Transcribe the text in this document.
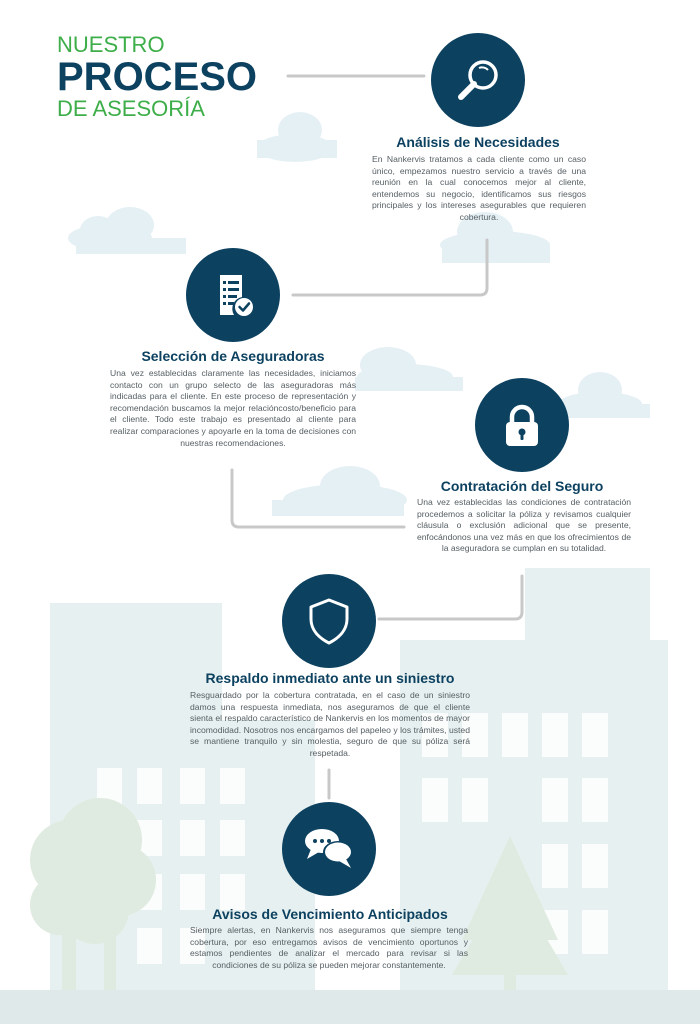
NUESTRO
PROCESO
DE ASESORÍA
Análisis de Necesidades
En Nankervis tratamos a cada cliente como un caso único, empezamos nuestro servicio a través de una reunión en la cual conocemos mejor al cliente, entendemos su negocio, identificamos sus riesgos principales y los intereses asegurables que requieren cobertura.
Selección de Aseguradoras
Una vez establecidas claramente las necesidades, iniciamos contacto con un grupo selecto de las aseguradoras más indicadas para el cliente. En este proceso de representación y recomendación buscamos la mejor relacióncosto/beneficio para el cliente. Todo este trabajo es presentado al cliente para realizar comparaciones y apoyarle en la toma de decisiones con nuestras recomendaciones.
Contratación del Seguro
Una vez establecidas las condiciones de contratación procedemos a solicitar la póliza y revisamos cualquier cláusula o exclusión adicional que se presente, enfocándonos una vez más en que los ofrecimientos de la aseguradora se cumplan en su totalidad.
Respaldo inmediato ante un siniestro
Resguardado por la cobertura contratada, en el caso de un siniestro damos una respuesta inmediata, nos aseguramos de que el cliente sienta el respaldo característico de Nankervis en los momentos de mayor incomodidad. Nosotros nos encargamos del papeleo y los trámites, usted se mantiene tranquilo y sin molestia, seguro de que su póliza será respetada.
Avisos de Vencimiento Anticipados
Siempre alertas, en Nankervis nos aseguramos que siempre tenga cobertura, por eso entregamos avisos de vencimiento oportunos y estamos pendientes de analizar el mercado para revisar si las condiciones de su póliza se pueden mejorar constantemente.
